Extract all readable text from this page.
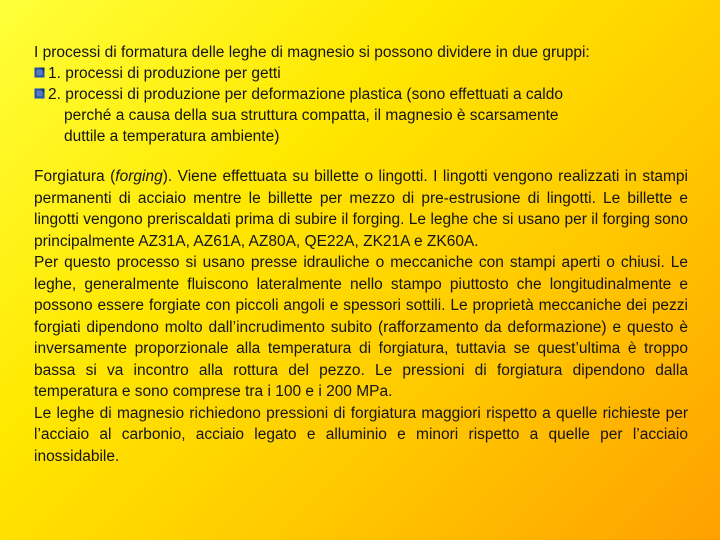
I processi di formatura delle leghe di magnesio si possono dividere in due gruppi:

1. processi di produzione per getti

2. processi di produzione per deformazione plastica (sono effettuati a caldo

perché a causa della sua struttura compatta, il magnesio è scarsamente

duttile a temperatura ambiente)

Forgiatura (forging). Viene effettuata su billette o lingotti. I lingotti vengono realizzati in stampi permanenti di acciaio mentre le billette per mezzo di pre-estrusione di lingotti. Le billette e lingotti vengono preriscaldati prima di subire il forging. Le leghe che si usano per il forging sono principalmente AZ31A, AZ61A, AZ80A, QE22A, ZK21A e ZK60A.

Per questo processo si usano presse idrauliche o meccaniche con stampi aperti o chiusi. Le leghe, generalmente fluiscono lateralmente nello stampo piuttosto che longitudinalmente e possono essere forgiate con piccoli angoli e spessori sottili. Le proprietà meccaniche dei pezzi forgiati dipendono molto dall’incrudimento subito (rafforzamento da deformazione) e questo è inversamente proporzionale alla temperatura di forgiatura, tuttavia se quest’ultima è troppo bassa si va incontro alla rottura del pezzo. Le pressioni di forgiatura dipendono dalla temperatura e sono comprese tra i 100 e i 200 MPa.

Le leghe di magnesio richiedono pressioni di forgiatura maggiori rispetto a quelle richieste per l’acciaio al carbonio, acciaio legato e alluminio e minori rispetto a quelle per l’acciaio inossidabile.
